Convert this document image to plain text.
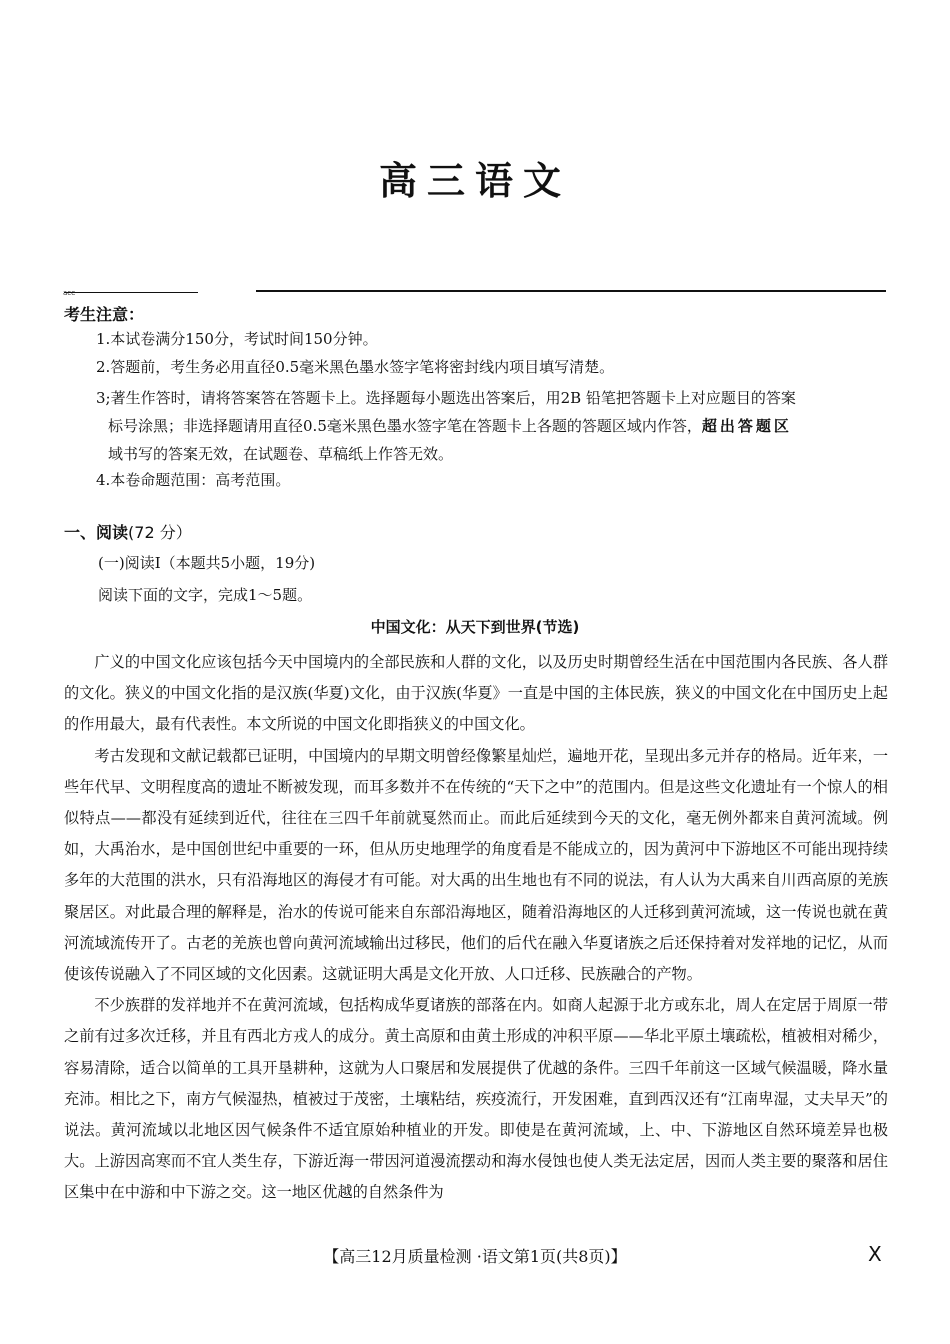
高三语文
ace
考生注意：
1.本试卷满分150分，考试时间150分钟。
2.答题前，考生务必用直径0.5毫米黑色墨水签字笔将密封线内项目填写清楚。
3;著生作答时，请将答案答在答题卡上。选择题每小题选出答案后，用2B 铅笔把答题卡上对应题目的答案
标号涂黑；非选择题请用直径0.5毫米黑色墨水签字笔在答题卡上各题的答题区域内作答，超出答题区
域书写的答案无效，在试题卷、草稿纸上作答无效。
4.本卷命题范围：高考范围。
一、阅读(72 分）
(一)阅读I（本题共5小题，19分)
阅读下面的文字，完成1～5题。
中国文化：从天下到世界(节选)

广义的中国文化应该包括今天中国境内的全部民族和人群的文化，以及历史时期曾经生活在中国范围内各民族、各人群的文化。狭义的中国文化指的是汉族(华夏)文化，由于汉族(华夏》一直是中国的主体民族，狭义的中国文化在中国历史上起的作用最大，最有代表性。本文所说的中国文化即指狭义的中国文化。

考古发现和文献记载都已证明，中国境内的早期文明曾经像繁星灿烂，遍地开花，呈现出多元并存的格局。近年来，一些年代早、文明程度高的遗址不断被发现，而耳多数并不在传统的“天下之中”的范围内。但是这些文化遗址有一个惊人的相似特点——都没有延续到近代，往往在三四千年前就戛然而止。而此后延续到今天的文化，毫无例外都来自黄河流域。例如，大禹治水，是中国创世纪中重要的一环，但从历史地理学的角度看是不能成立的，因为黄河中下游地区不可能出现持续多年的大范围的洪水，只有沿海地区的海侵才有可能。对大禹的出生地也有不同的说法，有人认为大禹来自川西高原的羌族聚居区。对此最合理的解释是，治水的传说可能来自东部沿海地区，随着沿海地区的人迁移到黄河流域，这一传说也就在黄河流域流传开了。古老的羌族也曾向黄河流域输出过移民，他们的后代在融入华夏诸族之后还保持着对发祥地的记忆，从而使该传说融入了不同区域的文化因素。这就证明大禹是文化开放、人口迁移、民族融合的产物。

不少族群的发祥地并不在黄河流域，包括构成华夏诸族的部落在内。如商人起源于北方或东北，周人在定居于周原一带之前有过多次迁移，并且有西北方戎人的成分。黄土高原和由黄土形成的冲积平原——华北平原土壤疏松，植被相对稀少，容易清除，适合以简单的工具开垦耕种，这就为人口聚居和发展提供了优越的条件。三四千年前这一区域气候温暖，降水量充沛。相比之下，南方气候湿热，植被过于茂密，土壤粘结，疾疫流行，开发困难，直到西汉还有“江南卑湿，丈夫早天”的说法。黄河流域以北地区因气候条件不适宜原始种植业的开发。即使是在黄河流域，上、中、下游地区自然环境差异也极大。上游因高寒而不宜人类生存，下游近海一带因河道漫流摆动和海水侵蚀也使人类无法定居，因而人类主要的聚落和居住区集中在中游和中下游之交。这一地区优越的自然条件为

【高三12月质量检测 ·语文第1页(共8页)】	X
